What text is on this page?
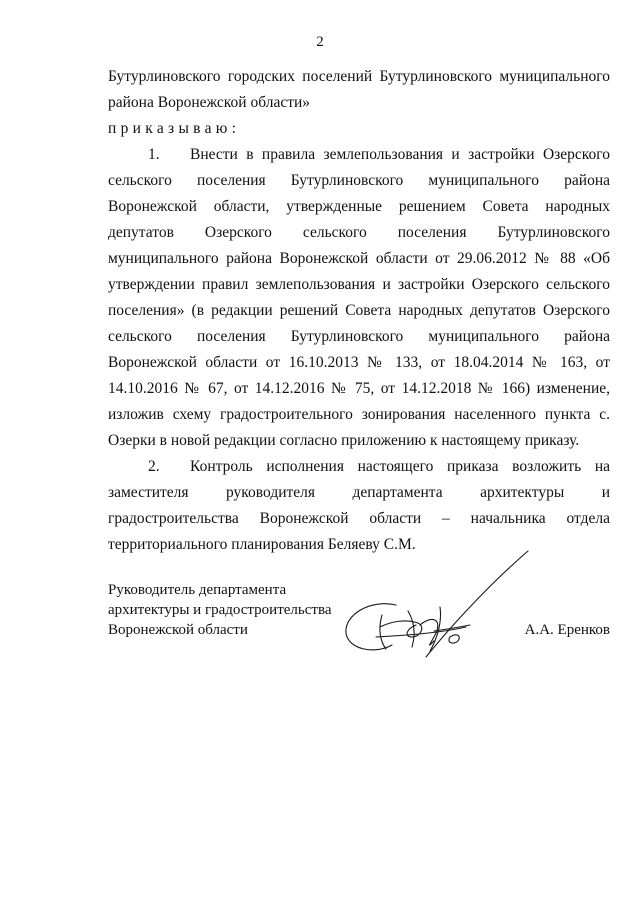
2
Бутурлиновского городских поселений Бутурлиновского муниципального района Воронежской области»
приказываю:

1. Внести в правила землепользования и застройки Озерского сельского поселения Бутурлиновского муниципального района Воронежской области, утвержденные решением Совета народных депутатов Озерского сельского поселения Бутурлиновского муниципального района Воронежской области от 29.06.2012 № 88 «Об утверждении правил землепользования и застройки Озерского сельского поселения» (в редакции решений Совета народных депутатов Озерского сельского поселения Бутурлиновского муниципального района Воронежской области от 16.10.2013 № 133, от 18.04.2014 № 163, от 14.10.2016 № 67, от 14.12.2016 № 75, от 14.12.2018 № 166) изменение, изложив схему градостроительного зонирования населенного пункта с. Озерки в новой редакции согласно приложению к настоящему приказу.

2. Контроль исполнения настоящего приказа возложить на заместителя руководителя департамента архитектуры и градостроительства Воронежской области – начальника отдела территориального планирования Беляеву С.М.

Руководитель департамента
архитектуры и градостроительства
Воронежской области	А.А. Еренков
